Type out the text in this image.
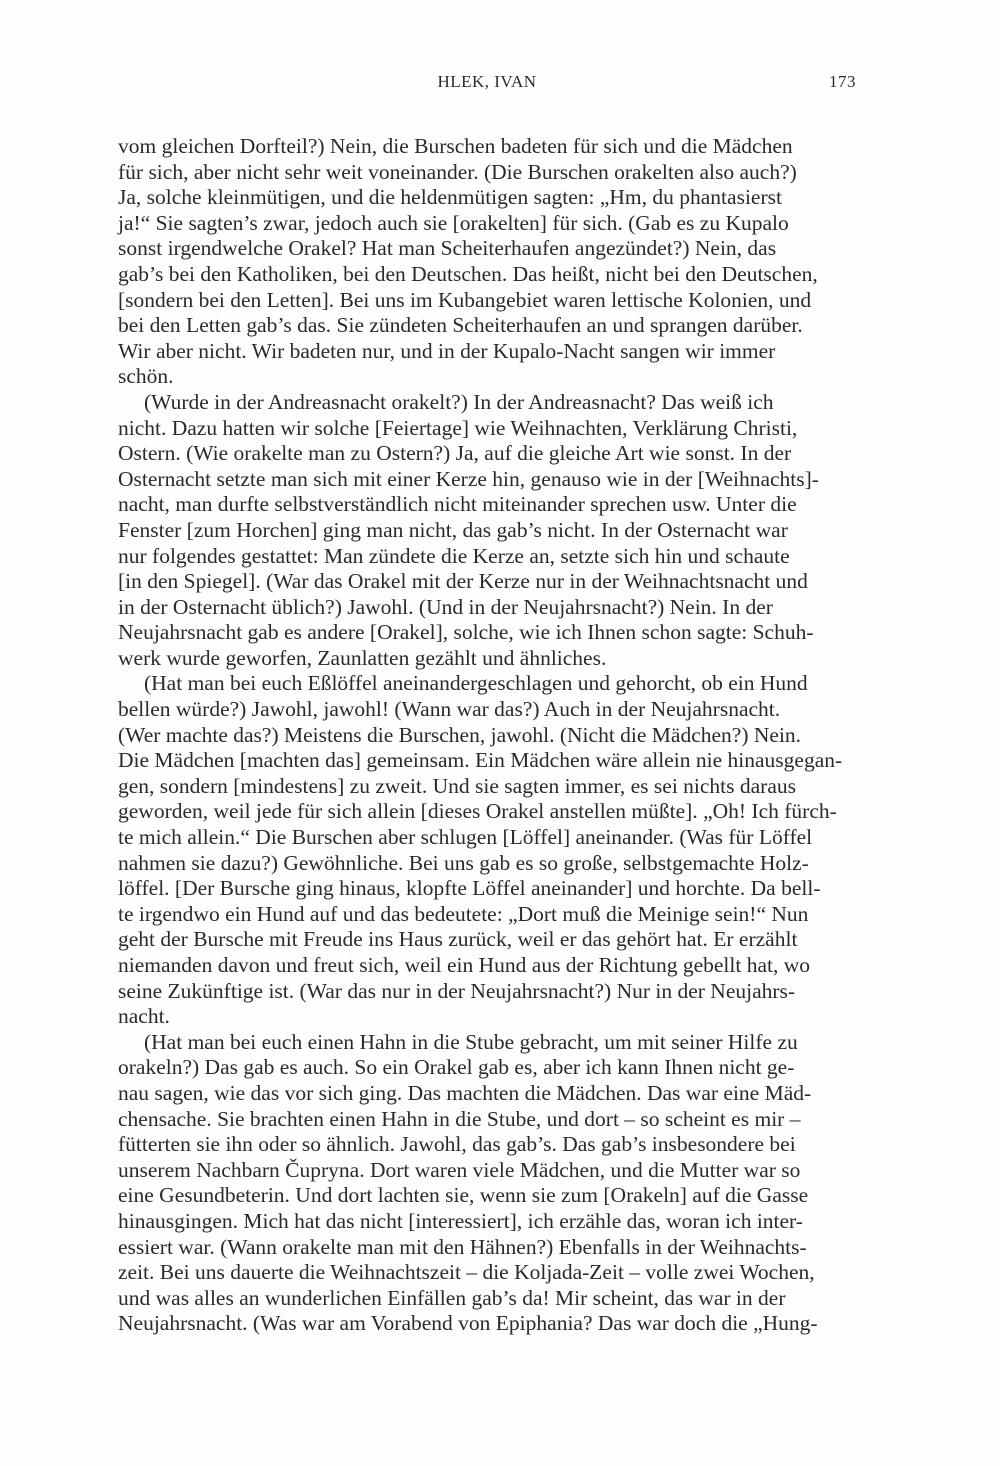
HLEK, IVAN	173
vom gleichen Dorfteil?) Nein, die Burschen badeten für sich und die Mädchen
für sich, aber nicht sehr weit voneinander. (Die Burschen orakelten also auch?)
Ja, solche kleinmütigen, und die heldenmütigen sagten: „Hm, du phantasierst
ja!“ Sie sagten’s zwar, jedoch auch sie [orakelten] für sich. (Gab es zu Kupalo
sonst irgendwelche Orakel? Hat man Scheiterhaufen angezündet?) Nein, das
gab’s bei den Katholiken, bei den Deutschen. Das heißt, nicht bei den Deutschen,
[sondern bei den Letten]. Bei uns im Kubangebiet waren lettische Kolonien, und
bei den Letten gab’s das. Sie zündeten Scheiterhaufen an und sprangen darüber.
Wir aber nicht. Wir badeten nur, und in der Kupalo-Nacht sangen wir immer
schön.
(Wurde in der Andreasnacht orakelt?) In der Andreasnacht? Das weiß ich
nicht. Dazu hatten wir solche [Feiertage] wie Weihnachten, Verklärung Christi,
Ostern. (Wie orakelte man zu Ostern?) Ja, auf die gleiche Art wie sonst. In der
Osternacht setzte man sich mit einer Kerze hin, genauso wie in der [Weihnachts]-
nacht, man durfte selbstverständlich nicht miteinander sprechen usw. Unter die
Fenster [zum Horchen] ging man nicht, das gab’s nicht. In der Osternacht war
nur folgendes gestattet: Man zündete die Kerze an, setzte sich hin und schaute
[in den Spiegel]. (War das Orakel mit der Kerze nur in der Weihnachtsnacht und
in der Osternacht üblich?) Jawohl. (Und in der Neujahrsnacht?) Nein. In der
Neujahrsnacht gab es andere [Orakel], solche, wie ich Ihnen schon sagte: Schuh-
werk wurde geworfen, Zaunlatten gezählt und ähnliches.
(Hat man bei euch Eßlöffel aneinandergeschlagen und gehorcht, ob ein Hund
bellen würde?) Jawohl, jawohl! (Wann war das?) Auch in der Neujahrsnacht.
(Wer machte das?) Meistens die Burschen, jawohl. (Nicht die Mädchen?) Nein.
Die Mädchen [machten das] gemeinsam. Ein Mädchen wäre allein nie hinausgegan-
gen, sondern [mindestens] zu zweit. Und sie sagten immer, es sei nichts daraus
geworden, weil jede für sich allein [dieses Orakel anstellen müßte]. „Oh! Ich fürch-
te mich allein.“ Die Burschen aber schlugen [Löffel] aneinander. (Was für Löffel
nahmen sie dazu?) Gewöhnliche. Bei uns gab es so große, selbstgemachte Holz-
löffel. [Der Bursche ging hinaus, klopfte Löffel aneinander] und horchte. Da bell-
te irgendwo ein Hund auf und das bedeutete: „Dort muß die Meinige sein!“ Nun
geht der Bursche mit Freude ins Haus zurück, weil er das gehört hat. Er erzählt
niemanden davon und freut sich, weil ein Hund aus der Richtung gebellt hat, wo
seine Zukünftige ist. (War das nur in der Neujahrsnacht?) Nur in der Neujahrs-
nacht.
(Hat man bei euch einen Hahn in die Stube gebracht, um mit seiner Hilfe zu
orakeln?) Das gab es auch. So ein Orakel gab es, aber ich kann Ihnen nicht ge-
nau sagen, wie das vor sich ging. Das machten die Mädchen. Das war eine Mäd-
chensache. Sie brachten einen Hahn in die Stube, und dort – so scheint es mir –
fütterten sie ihn oder so ähnlich. Jawohl, das gab’s. Das gab’s insbesondere bei
unserem Nachbarn Čupryna. Dort waren viele Mädchen, und die Mutter war so
eine Gesundbeterin. Und dort lachten sie, wenn sie zum [Orakeln] auf die Gasse
hinausgingen. Mich hat das nicht [interessiert], ich erzähle das, woran ich inter-
essiert war. (Wann orakelte man mit den Hähnen?) Ebenfalls in der Weihnachts-
zeit. Bei uns dauerte die Weihnachtszeit – die Koljada-Zeit – volle zwei Wochen,
und was alles an wunderlichen Einfällen gab’s da! Mir scheint, das war in der
Neujahrsnacht. (Was war am Vorabend von Epiphania? Das war doch die „Hung-
